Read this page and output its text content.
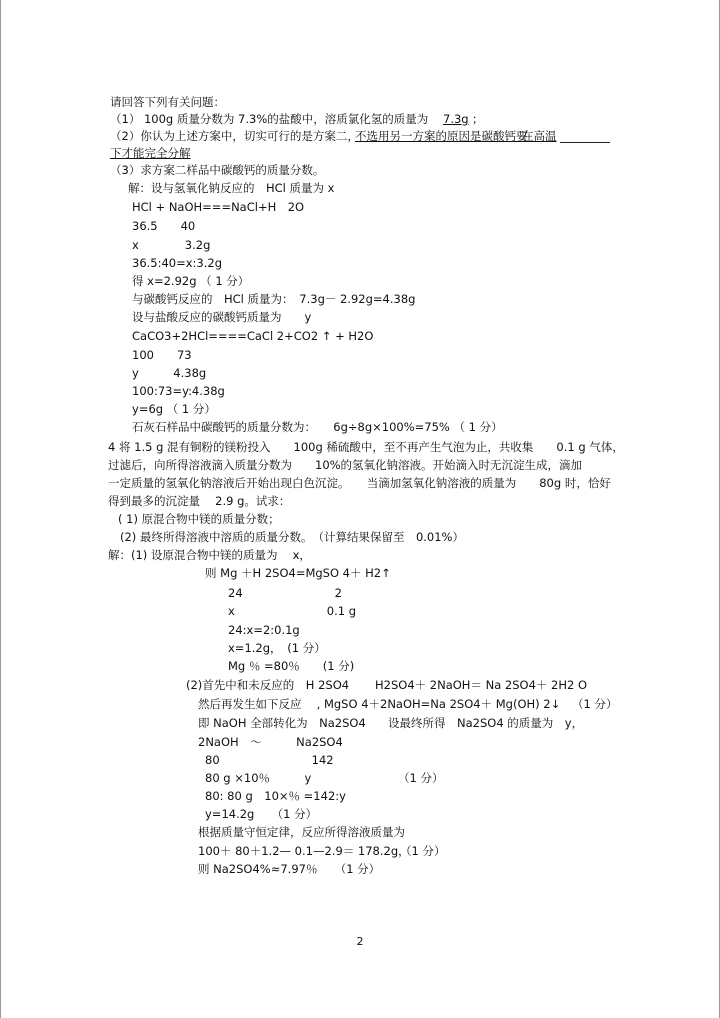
请回答下列有关问题：
（1） 100g 质量分数为 7.3%的盐酸中，溶质氯化氢的质量为 7.3g ；
（2）你认为上述方案中，切实可行的是方案二，
不选用另一方案的原因是碳酸钙要
在高温
下才能完全分解
（3）求方案二样品中碳酸钙的质量分数。
解：设与氢氧化钠反应的　HCl 质量为 x
HCl + NaOH===NaCl+H　2O
36.5　　40
x　　　　3.2g
36.5:40=x:3.2g
得 x=2.92g （ 1 分）
与碳酸钙反应的　HCl 质量为：　7.3g－ 2.92g=4.38g
设与盐酸反应的碳酸钙质量为　　y
CaCO3+2HCl====CaCl 2+CO2 ↑ + H2O
100　　73
y　　　4.38g
100:73=y:4.38g
y=6g （ 1 分）
石灰石样品中碳酸钙的质量分数为：　　6g÷8g×100%=75% （ 1 分）
4 将 1.5 g 混有铜粉的镁粉投入　　100g 稀硫酸中，至不再产生气泡为止，共收集　　0.1 g 气体，
过滤后，向所得溶液滴入质量分数为　　10%的氢氧化钠溶液。开始滴入时无沉淀生成，滴加
一定质量的氢氧化钠溶液后开始出现白色沉淀。　　当滴加氢氧化钠溶液的质量为　　80g 时，恰好
得到最多的沉淀量　 2.9 g。试求：
( 1) 原混合物中镁的质量分数；
(2) 最终所得溶液中溶质的质量分数。　（计算结果保留至　0.01%）
解：(1) 设原混合物中镁的质量为　 x，
则 Mg ＋H 2SO4=MgSO 4＋ H2↑
24　　　　　　　　2
x　　　　　　　　0.1 g
24:x=2:0.1g
x=1.2g，　(1 分）
Mg ％ =80％　　(1 分)
(2)首先中和未反应的　H 2SO4 H2SO4＋ 2NaOH＝ Na 2SO4＋ 2H2 O
然后再发生如下反应　 , MgSO 4＋2NaOH=Na 2SO4＋ Mg(OH) 2↓ （1 分）
即 NaOH 全部转化为　Na2SO4 设最终所得　Na2SO4 的质量为　y，
2NaOH　～　　　Na2SO4
80　　　　　　　　142
80 g ×10％　　　y	（1 分）
80: 80 g　10×％ =142:y
y=14.2g　　（1 分）
根据质量守恒定律，反应所得溶液质量为
100＋ 80＋1.2— 0.1—2.9＝ 178.2g，
（1 分）
则 Na2SO4%≈7.97％　　（1 分）
2
